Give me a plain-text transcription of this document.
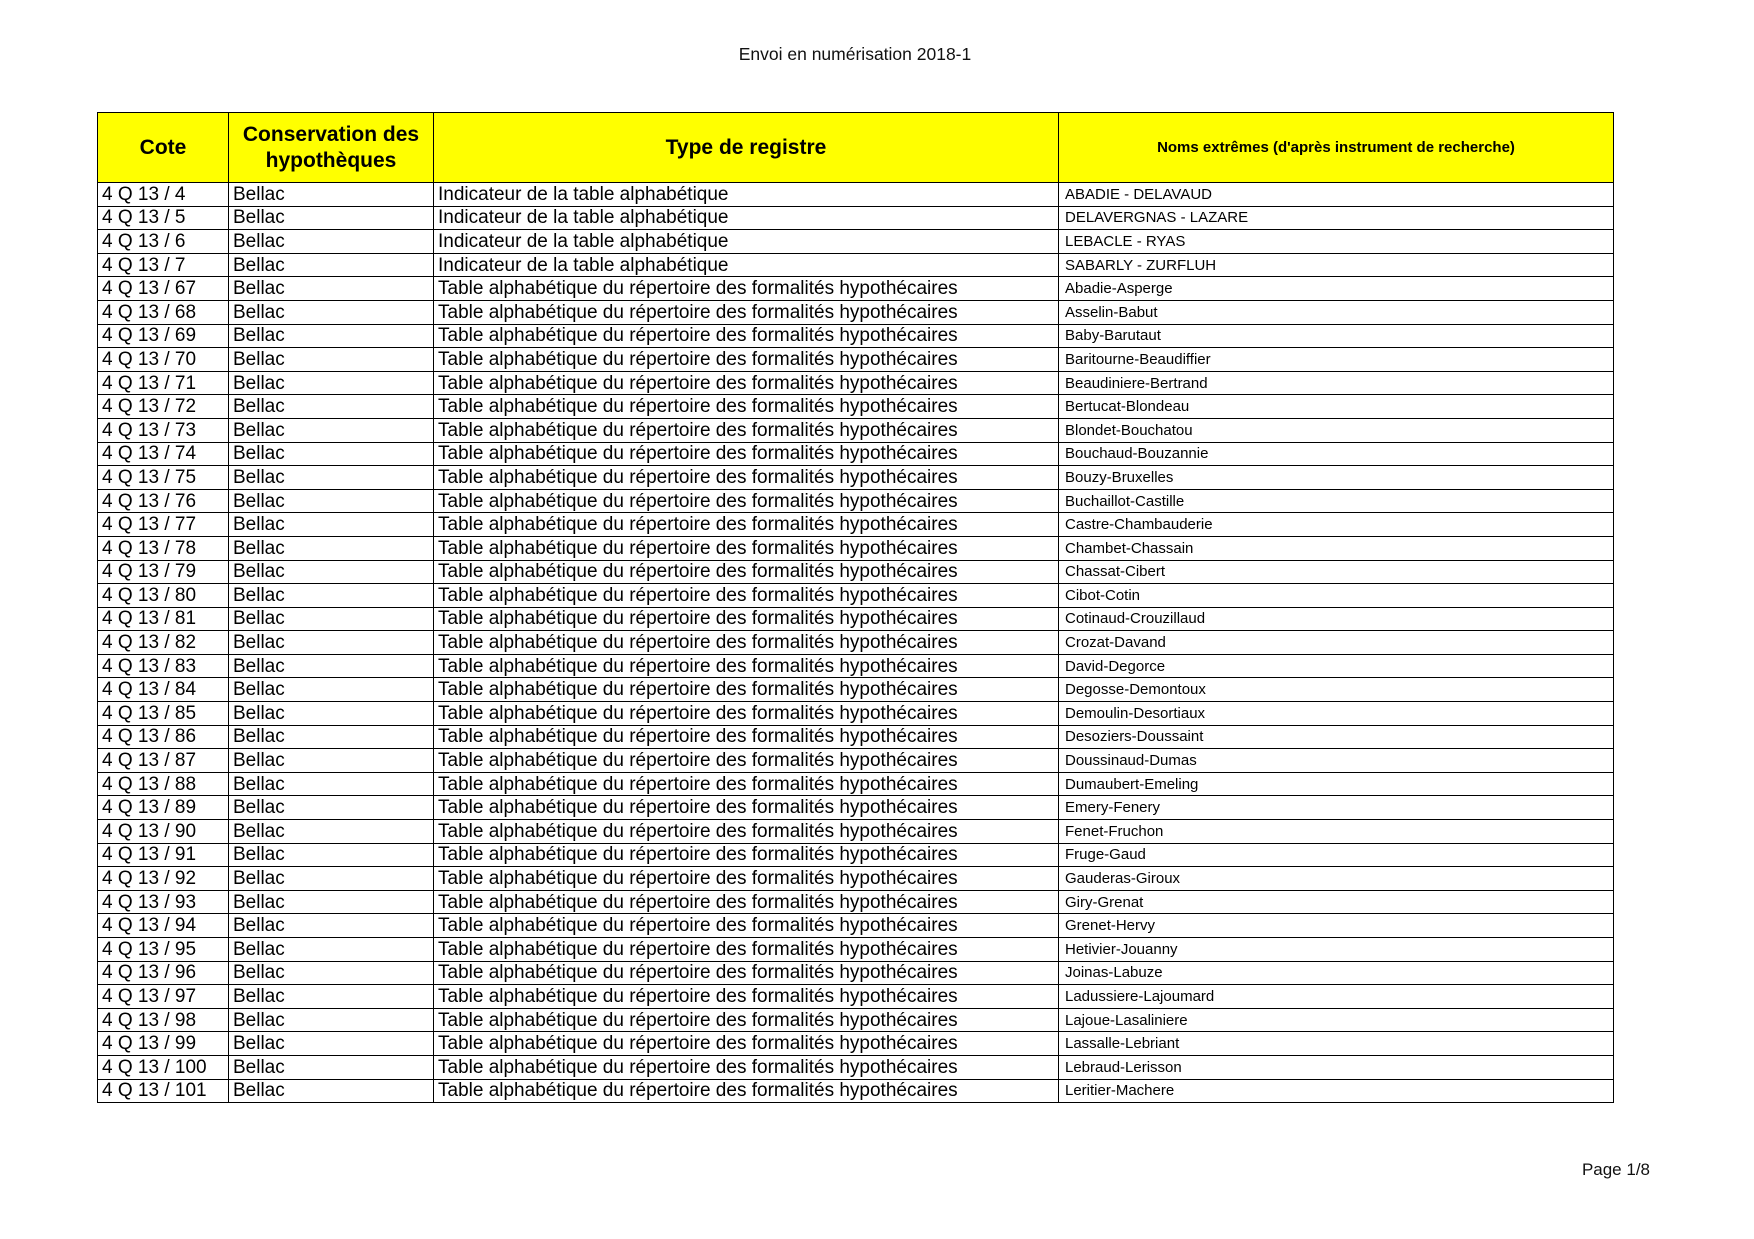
Envoi en numérisation 2018-1
Cote	Conservation des hypothèques	Type de registre	Noms extrêmes (d'après instrument de recherche)
4 Q 13 / 4	Bellac	Indicateur de la table alphabétique	ABADIE - DELAVAUD
4 Q 13 / 5	Bellac	Indicateur de la table alphabétique	DELAVERGNAS - LAZARE
4 Q 13 / 6	Bellac	Indicateur de la table alphabétique	LEBACLE - RYAS
4 Q 13 / 7	Bellac	Indicateur de la table alphabétique	SABARLY - ZURFLUH
4 Q 13 / 67	Bellac	Table alphabétique du répertoire des formalités hypothécaires	Abadie-Asperge
4 Q 13 / 68	Bellac	Table alphabétique du répertoire des formalités hypothécaires	Asselin-Babut
4 Q 13 / 69	Bellac	Table alphabétique du répertoire des formalités hypothécaires	Baby-Barutaut
4 Q 13 / 70	Bellac	Table alphabétique du répertoire des formalités hypothécaires	Baritourne-Beaudiffier
4 Q 13 / 71	Bellac	Table alphabétique du répertoire des formalités hypothécaires	Beaudiniere-Bertrand
4 Q 13 / 72	Bellac	Table alphabétique du répertoire des formalités hypothécaires	Bertucat-Blondeau
4 Q 13 / 73	Bellac	Table alphabétique du répertoire des formalités hypothécaires	Blondet-Bouchatou
4 Q 13 / 74	Bellac	Table alphabétique du répertoire des formalités hypothécaires	Bouchaud-Bouzannie
4 Q 13 / 75	Bellac	Table alphabétique du répertoire des formalités hypothécaires	Bouzy-Bruxelles
4 Q 13 / 76	Bellac	Table alphabétique du répertoire des formalités hypothécaires	Buchaillot-Castille
4 Q 13 / 77	Bellac	Table alphabétique du répertoire des formalités hypothécaires	Castre-Chambauderie
4 Q 13 / 78	Bellac	Table alphabétique du répertoire des formalités hypothécaires	Chambet-Chassain
4 Q 13 / 79	Bellac	Table alphabétique du répertoire des formalités hypothécaires	Chassat-Cibert
4 Q 13 / 80	Bellac	Table alphabétique du répertoire des formalités hypothécaires	Cibot-Cotin
4 Q 13 / 81	Bellac	Table alphabétique du répertoire des formalités hypothécaires	Cotinaud-Crouzillaud
4 Q 13 / 82	Bellac	Table alphabétique du répertoire des formalités hypothécaires	Crozat-Davand
4 Q 13 / 83	Bellac	Table alphabétique du répertoire des formalités hypothécaires	David-Degorce
4 Q 13 / 84	Bellac	Table alphabétique du répertoire des formalités hypothécaires	Degosse-Demontoux
4 Q 13 / 85	Bellac	Table alphabétique du répertoire des formalités hypothécaires	Demoulin-Desortiaux
4 Q 13 / 86	Bellac	Table alphabétique du répertoire des formalités hypothécaires	Desoziers-Doussaint
4 Q 13 / 87	Bellac	Table alphabétique du répertoire des formalités hypothécaires	Doussinaud-Dumas
4 Q 13 / 88	Bellac	Table alphabétique du répertoire des formalités hypothécaires	Dumaubert-Emeling
4 Q 13 / 89	Bellac	Table alphabétique du répertoire des formalités hypothécaires	Emery-Fenery
4 Q 13 / 90	Bellac	Table alphabétique du répertoire des formalités hypothécaires	Fenet-Fruchon
4 Q 13 / 91	Bellac	Table alphabétique du répertoire des formalités hypothécaires	Fruge-Gaud
4 Q 13 / 92	Bellac	Table alphabétique du répertoire des formalités hypothécaires	Gauderas-Giroux
4 Q 13 / 93	Bellac	Table alphabétique du répertoire des formalités hypothécaires	Giry-Grenat
4 Q 13 / 94	Bellac	Table alphabétique du répertoire des formalités hypothécaires	Grenet-Hervy
4 Q 13 / 95	Bellac	Table alphabétique du répertoire des formalités hypothécaires	Hetivier-Jouanny
4 Q 13 / 96	Bellac	Table alphabétique du répertoire des formalités hypothécaires	Joinas-Labuze
4 Q 13 / 97	Bellac	Table alphabétique du répertoire des formalités hypothécaires	Ladussiere-Lajoumard
4 Q 13 / 98	Bellac	Table alphabétique du répertoire des formalités hypothécaires	Lajoue-Lasaliniere
4 Q 13 / 99	Bellac	Table alphabétique du répertoire des formalités hypothécaires	Lassalle-Lebriant
4 Q 13 / 100	Bellac	Table alphabétique du répertoire des formalités hypothécaires	Lebraud-Lerisson
4 Q 13 / 101	Bellac	Table alphabétique du répertoire des formalités hypothécaires	Leritier-Machere
Page 1/8
